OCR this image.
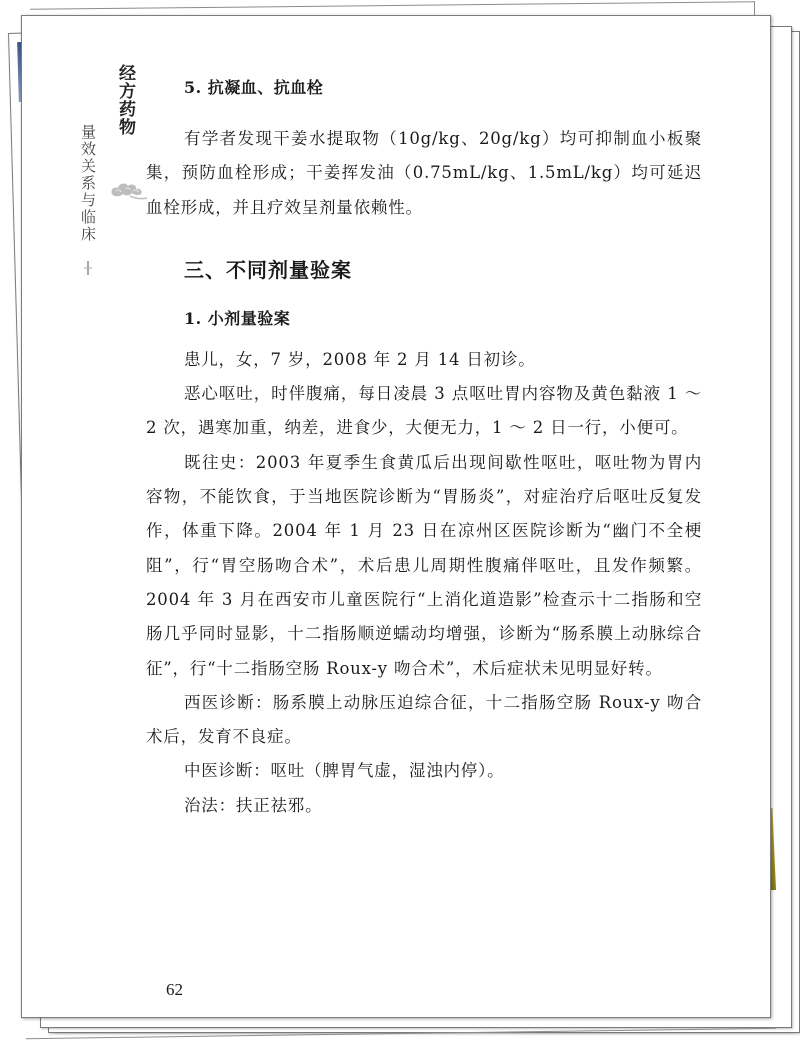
经方药物
量效关系与临床

5. 抗凝血、抗血栓

有学者发现干姜水提取物（10g/kg、20g/kg）均可抑制血小板聚集，预防血栓形成；干姜挥发油（0.75mL/kg、1.5mL/kg）均可延迟血栓形成，并且疗效呈剂量依赖性。

三、不同剂量验案

1. 小剂量验案

患儿，女，7 岁，2008 年 2 月 14 日初诊。

恶心呕吐，时伴腹痛，每日凌晨 3 点呕吐胃内容物及黄色黏液 1 ～ 2 次，遇寒加重，纳差，进食少，大便无力，1 ～ 2 日一行，小便可。

既往史：2003 年夏季生食黄瓜后出现间歇性呕吐，呕吐物为胃内容物，不能饮食，于当地医院诊断为“胃肠炎”，对症治疗后呕吐反复发作，体重下降。2004 年 1 月 23 日在凉州区医院诊断为“幽门不全梗阻”，行“胃空肠吻合术”，术后患儿周期性腹痛伴呕吐，且发作频繁。2004 年 3 月在西安市儿童医院行“上消化道造影”检查示十二指肠和空肠几乎同时显影，十二指肠顺逆蠕动均增强，诊断为“肠系膜上动脉综合征”，行“十二指肠空肠 Roux-y 吻合术”，术后症状未见明显好转。

西医诊断：肠系膜上动脉压迫综合征，十二指肠空肠 Roux-y 吻合术后，发育不良症。

中医诊断：呕吐（脾胃气虚，湿浊内停）。

治法：扶正祛邪。

62
